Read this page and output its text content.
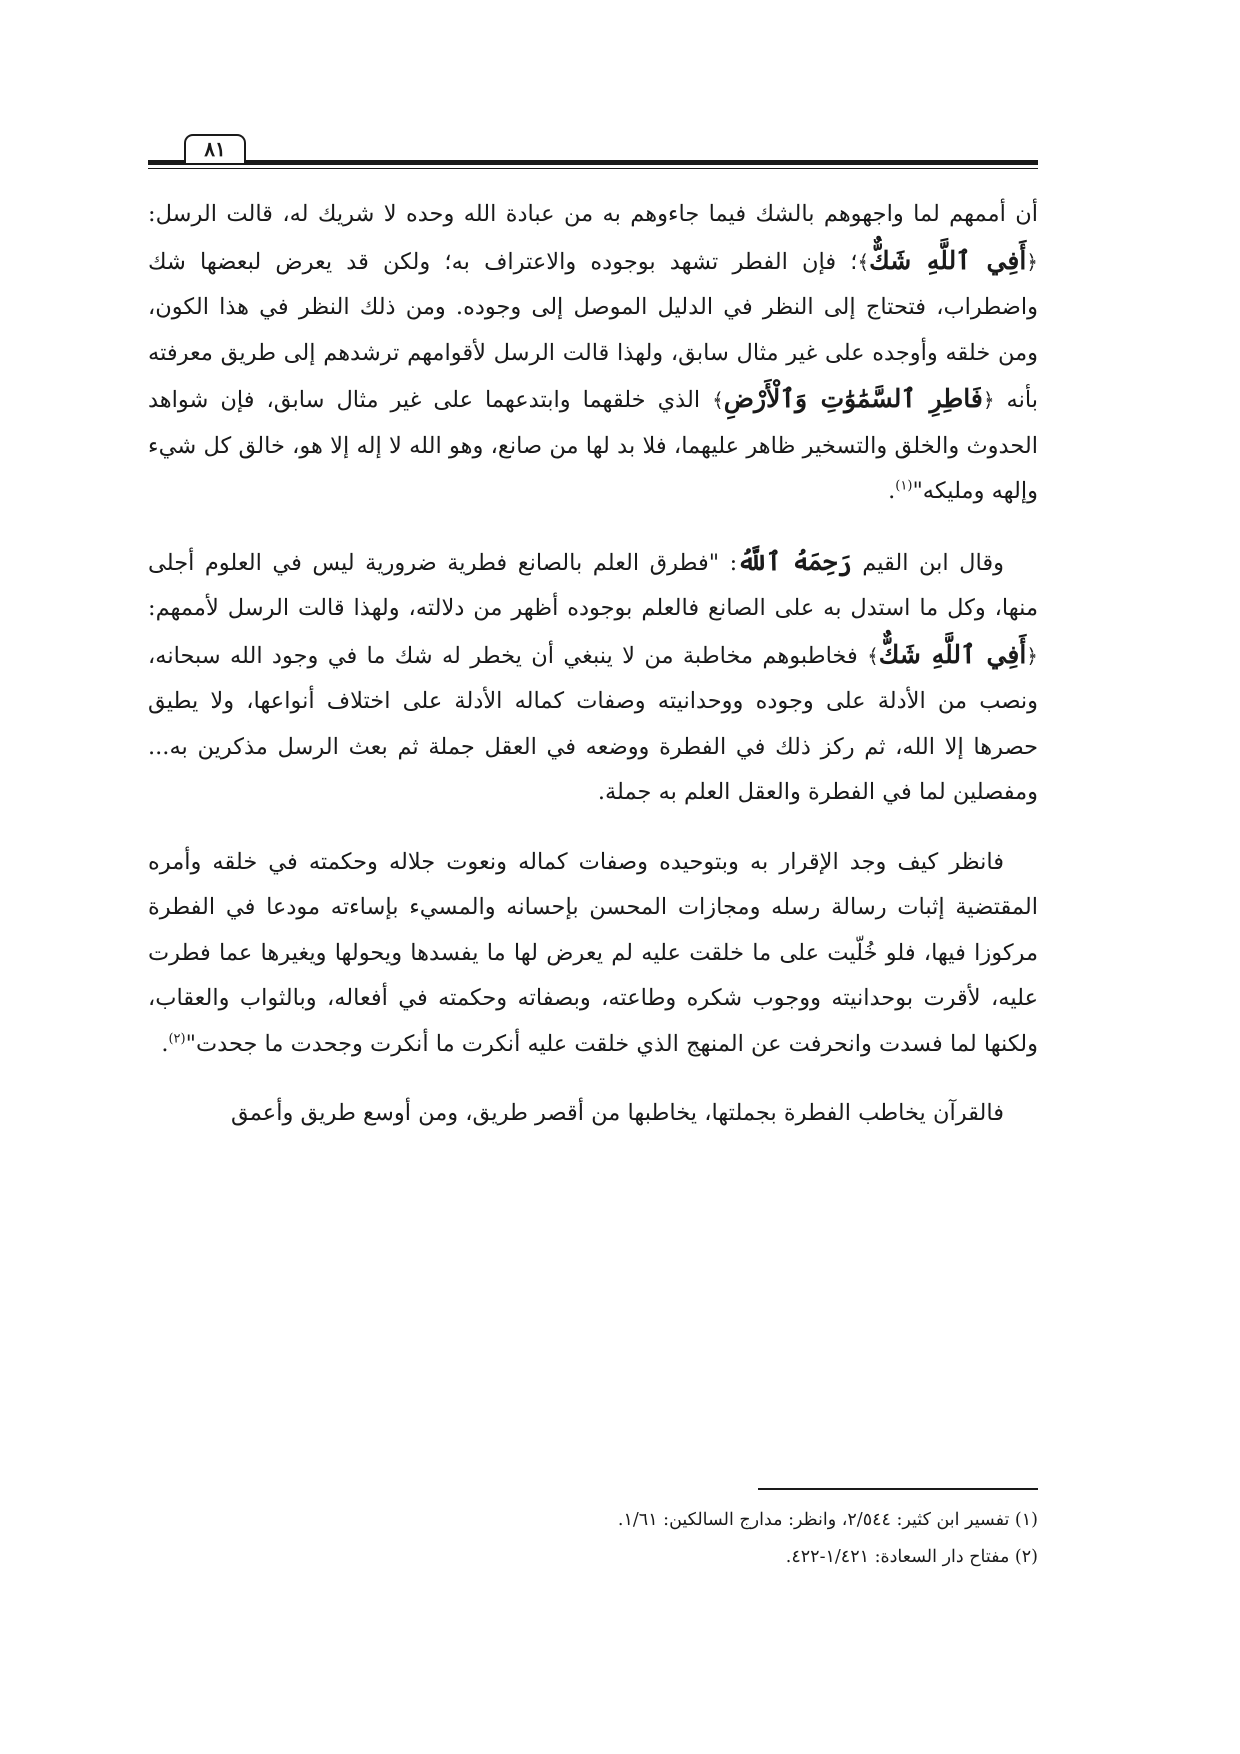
٨١

أن أممهم لما واجهوهم بالشك فيما جاءوهم به من عبادة الله وحده لا شريك له، قالت الرسل: ﴿أَفِي ٱللَّهِ شَكٌّ﴾؛ فإن الفطر تشهد بوجوده والاعتراف به؛ ولكن قد يعرض لبعضها شك واضطراب، فتحتاج إلى النظر في الدليل الموصل إلى وجوده. ومن ذلك النظر في هذا الكون، ومن خلقه وأوجده على غير مثال سابق، ولهذا قالت الرسل لأقوامهم ترشدهم إلى طريق معرفته بأنه ﴿فَاطِرِ ٱلسَّمَٰوَٰتِ وَٱلْأَرْضِ﴾ الذي خلقهما وابتدعهما على غير مثال سابق، فإن شواهد الحدوث والخلق والتسخير ظاهر عليهما، فلا بد لها من صانع، وهو الله لا إله إلا هو، خالق كل شيء وإلهه ومليكه"$^{(١)}$.

وقال ابن القيم رَحِمَهُ ٱللَّهُ: "فطرق العلم بالصانع فطرية ضرورية ليس في العلوم أجلى منها، وكل ما استدل به على الصانع فالعلم بوجوده أظهر من دلالته، ولهذا قالت الرسل لأممهم: ﴿أَفِي ٱللَّهِ شَكٌّ﴾ فخاطبوهم مخاطبة من لا ينبغي أن يخطر له شك ما في وجود الله سبحانه، ونصب من الأدلة على وجوده ووحدانيته وصفات كماله الأدلة على اختلاف أنواعها، ولا يطيق حصرها إلا الله، ثم ركز ذلك في الفطرة ووضعه في العقل جملة ثم بعث الرسل مذكرين به... ومفصلين لما في الفطرة والعقل العلم به جملة.

فانظر كيف وجد الإقرار به وبتوحيده وصفات كماله ونعوت جلاله وحكمته في خلقه وأمره المقتضية إثبات رسالة رسله ومجازات المحسن بإحسانه والمسيء بإساءته مودعا في الفطرة مركوزا فيها، فلو خُلّيت على ما خلقت عليه لم يعرض لها ما يفسدها ويحولها ويغيرها عما فطرت عليه، لأقرت بوحدانيته ووجوب شكره وطاعته، وبصفاته وحكمته في أفعاله، وبالثواب والعقاب، ولكنها لما فسدت وانحرفت عن المنهج الذي خلقت عليه أنكرت ما أنكرت وجحدت ما جحدت"$^{(٢)}$.

فالقرآن يخاطب الفطرة بجملتها، يخاطبها من أقصر طريق، ومن أوسع طريق وأعمق

(١) تفسير ابن كثير: ٢/٥٤٤، وانظر: مدارج السالكين: ١/٦١.
(٢) مفتاح دار السعادة: ١/٤٢١-٤٢٢.
